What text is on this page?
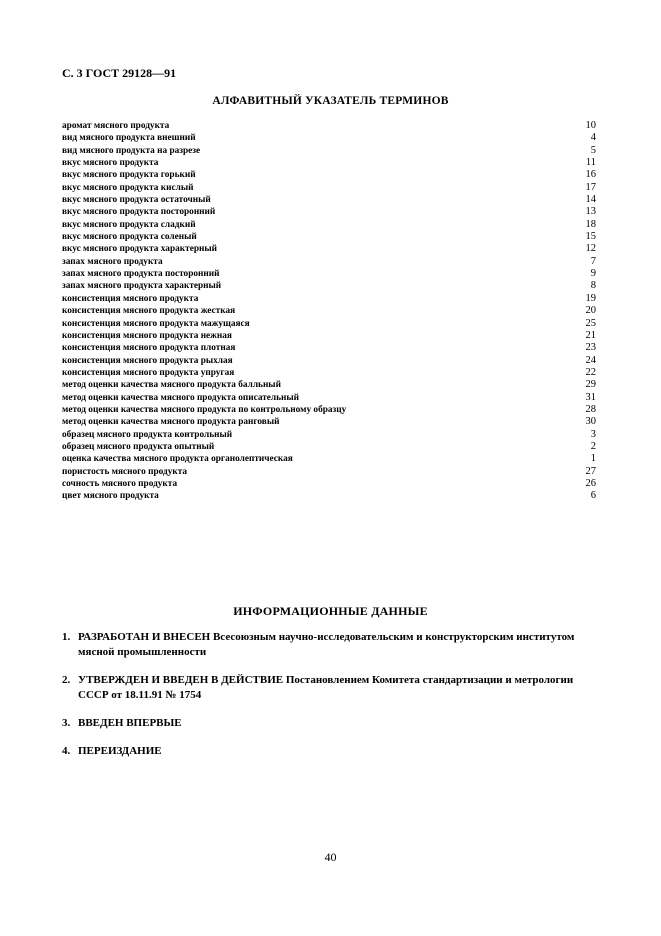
С. 3 ГОСТ 29128—91
АЛФАВИТНЫЙ УКАЗАТЕЛЬ ТЕРМИНОВ
аромат мясного продукта	10
вид мясного продукта внешний	4
вид мясного продукта на разрезе	5
вкус мясного продукта	11
вкус мясного продукта горький	16
вкус мясного продукта кислый	17
вкус мясного продукта остаточный	14
вкус мясного продукта посторонний	13
вкус мясного продукта сладкий	18
вкус мясного продукта соленый	15
вкус мясного продукта характерный	12
запах мясного продукта	7
запах мясного продукта посторонний	9
запах мясного продукта характерный	8
консистенция мясного продукта	19
консистенция мясного продукта жесткая	20
консистенция мясного продукта мажущаяся	25
консистенция мясного продукта нежная	21
консистенция мясного продукта плотная	23
консистенция мясного продукта рыхлая	24
консистенция мясного продукта упругая	22
метод оценки качества мясного продукта балльный	29
метод оценки качества мясного продукта описательный	31
метод оценки качества мясного продукта по контрольному образцу	28
метод оценки качества мясного продукта ранговый	30
образец мясного продукта контрольный	3
образец мясного продукта опытный	2
оценка качества мясного продукта органолептическая	1
пористость мясного продукта	27
сочность мясного продукта	26
цвет мясного продукта	6
ИНФОРМАЦИОННЫЕ ДАННЫЕ
1. РАЗРАБОТАН И ВНЕСЕН Всесоюзным научно-исследовательским и конструкторским институтом мясной промышленности
2. УТВЕРЖДЕН И ВВЕДЕН В ДЕЙСТВИЕ Постановлением Комитета стандартизации и метрологии СССР от 18.11.91 № 1754
3. ВВЕДЕН ВПЕРВЫЕ
4. ПЕРЕИЗДАНИЕ
40
